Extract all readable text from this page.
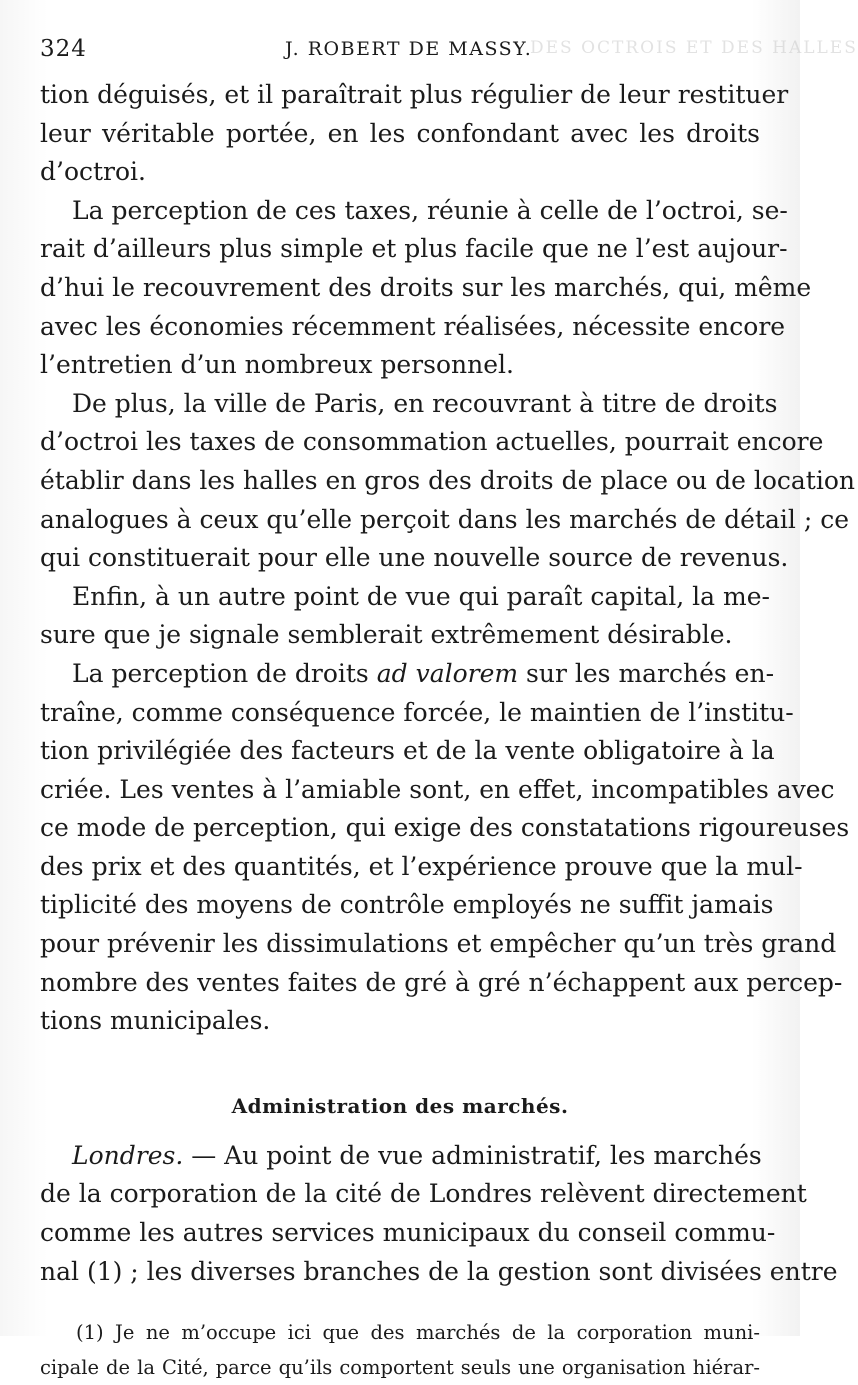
324	J. ROBERT DE MASSY.
DES OCTROIS ET DES HALLES
tion déguisés, et il paraîtrait plus régulier de leur restituer
leur véritable portée, en les confondant avec les droits
d’octroi.
La perception de ces taxes, réunie à celle de l’octroi, se-
rait d’ailleurs plus simple et plus facile que ne l’est aujour-
d’hui le recouvrement des droits sur les marchés, qui, même
avec les économies récemment réalisées, nécessite encore
l’entretien d’un nombreux personnel.
De plus, la ville de Paris, en recouvrant à titre de droits
d’octroi les taxes de consommation actuelles, pourrait encore
établir dans les halles en gros des droits de place ou de location
analogues à ceux qu’elle perçoit dans les marchés de détail ; ce
qui constituerait pour elle une nouvelle source de revenus.
Enfin, à un autre point de vue qui paraît capital, la me-
sure que je signale semblerait extrêmement désirable.
La perception de droits ad valorem sur les marchés en-
traîne, comme conséquence forcée, le maintien de l’institu-
tion privilégiée des facteurs et de la vente obligatoire à la
criée. Les ventes à l’amiable sont, en effet, incompatibles avec
ce mode de perception, qui exige des constatations rigoureuses
des prix et des quantités, et l’expérience prouve que la mul-
tiplicité des moyens de contrôle employés ne suffit jamais
pour prévenir les dissimulations et empêcher qu’un très grand
nombre des ventes faites de gré à gré n’échappent aux percep-
tions municipales.
Administration des marchés.
Londres. — Au point de vue administratif, les marchés
de la corporation de la cité de Londres relèvent directement
comme les autres services municipaux du conseil commu-
nal (1) ; les diverses branches de la gestion sont divisées entre
(1) Je ne m’occupe ici que des marchés de la corporation muni-
cipale de la Cité, parce qu’ils comportent seuls une organisation hiérar-
